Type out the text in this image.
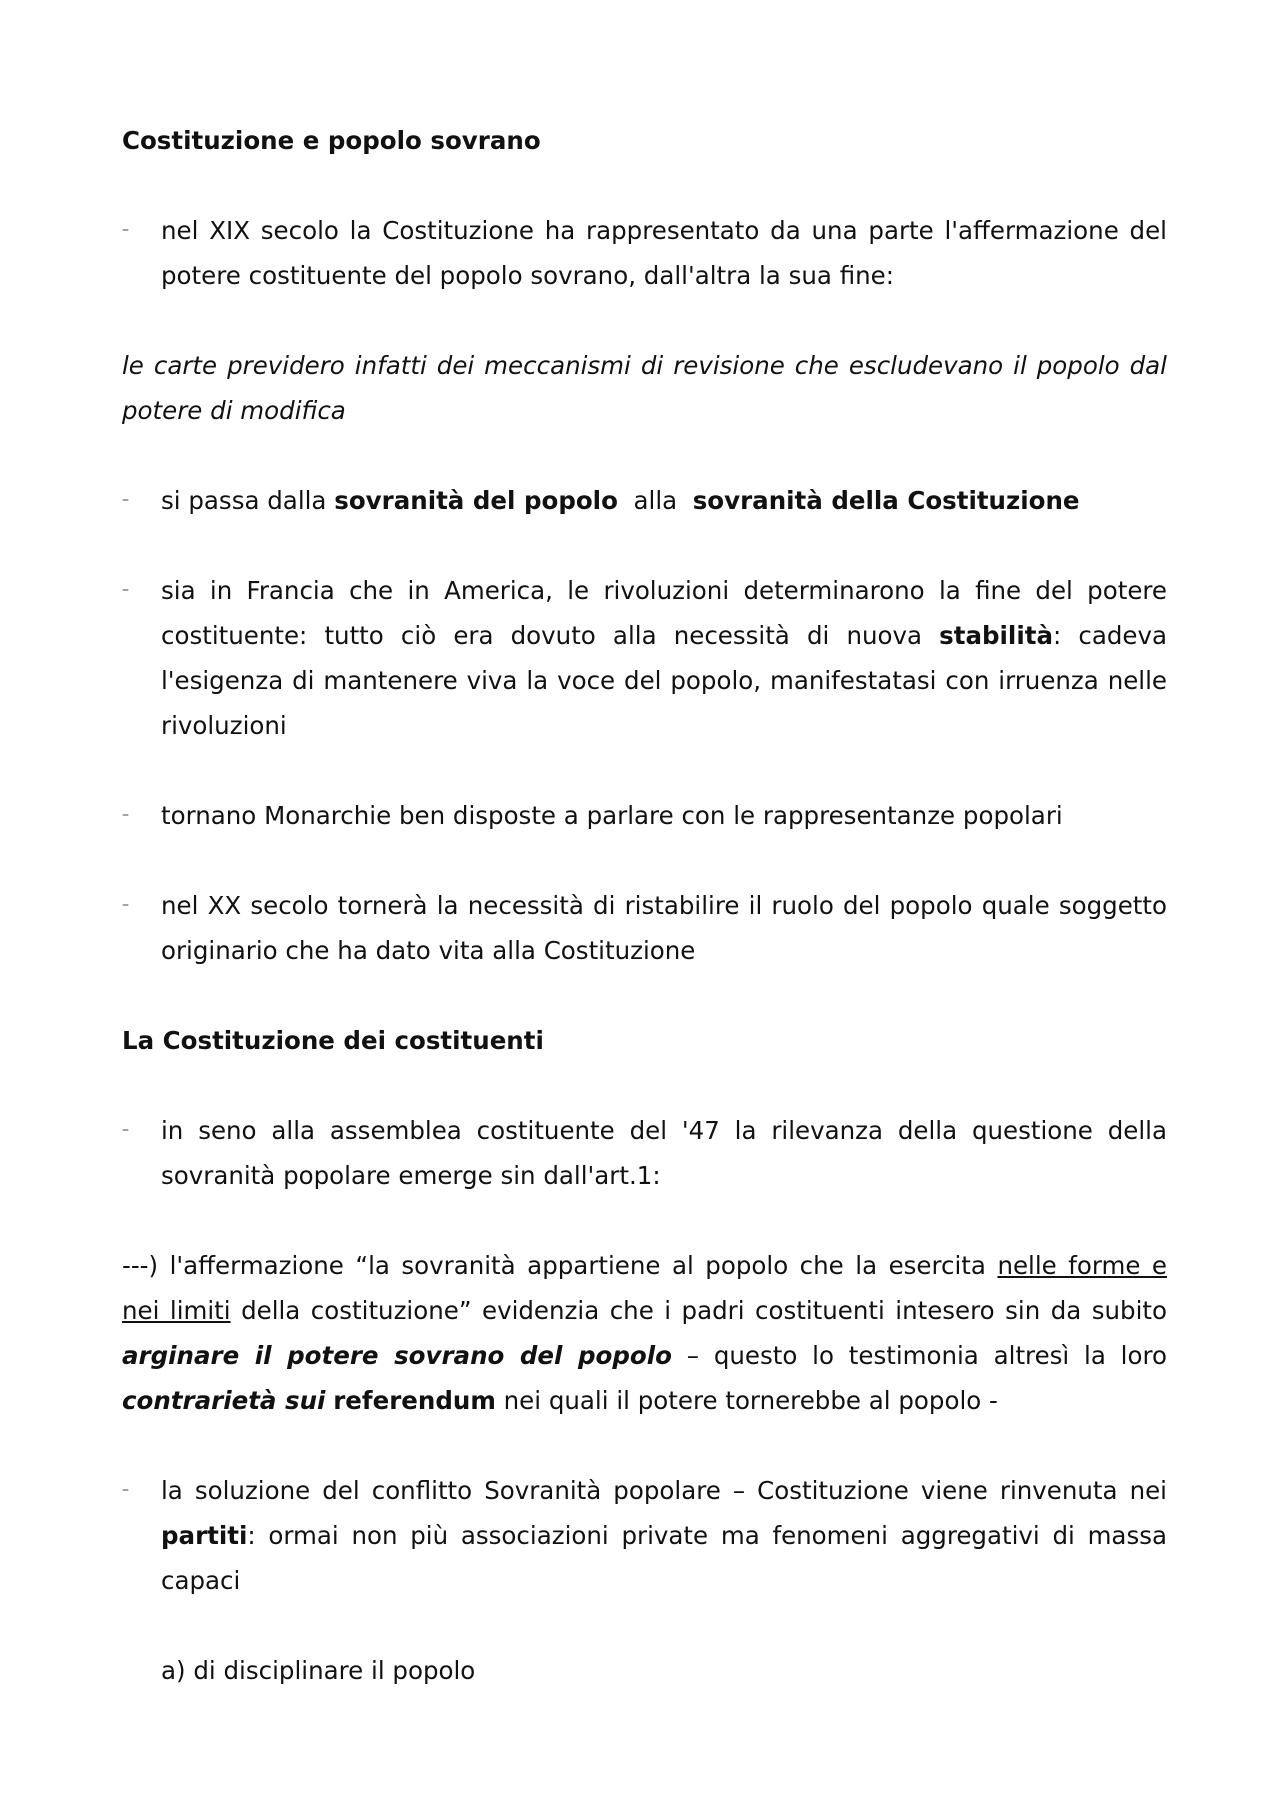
Costituzione e popolo sovrano
– nel XIX secolo la Costituzione ha rappresentato da una parte l'affermazione del potere costituente del popolo sovrano, dall'altra la sua fine:
le carte previdero infatti dei meccanismi di revisione che escludevano il popolo dal potere di modifica
– si passa dalla sovranità del popolo  alla  sovranità della Costituzione
– sia in Francia che in America, le rivoluzioni determinarono la fine del potere costituente: tutto ciò era dovuto alla necessità di nuova stabilità: cadeva l'esigenza di mantenere viva la voce del popolo, manifestatasi con irruenza nelle rivoluzioni
– tornano Monarchie ben disposte a parlare con le rappresentanze popolari
– nel XX secolo tornerà la necessità di ristabilire il ruolo del popolo quale soggetto originario che ha dato vita alla Costituzione
La Costituzione dei costituenti
– in seno alla assemblea costituente del '47 la rilevanza della questione della sovranità popolare emerge sin dall'art.1:
---) l'affermazione “la sovranità appartiene al popolo che la esercita nelle forme e nei limiti della costituzione” evidenzia che i padri costituenti intesero sin da subito arginare il potere sovrano del popolo – questo lo testimonia altresì la loro contrarietà sui referendum nei quali il potere tornerebbe al popolo -
– la soluzione del conflitto Sovranità popolare – Costituzione viene rinvenuta nei partiti: ormai non più associazioni private ma fenomeni aggregativi di massa capaci
a) di disciplinare il popolo
